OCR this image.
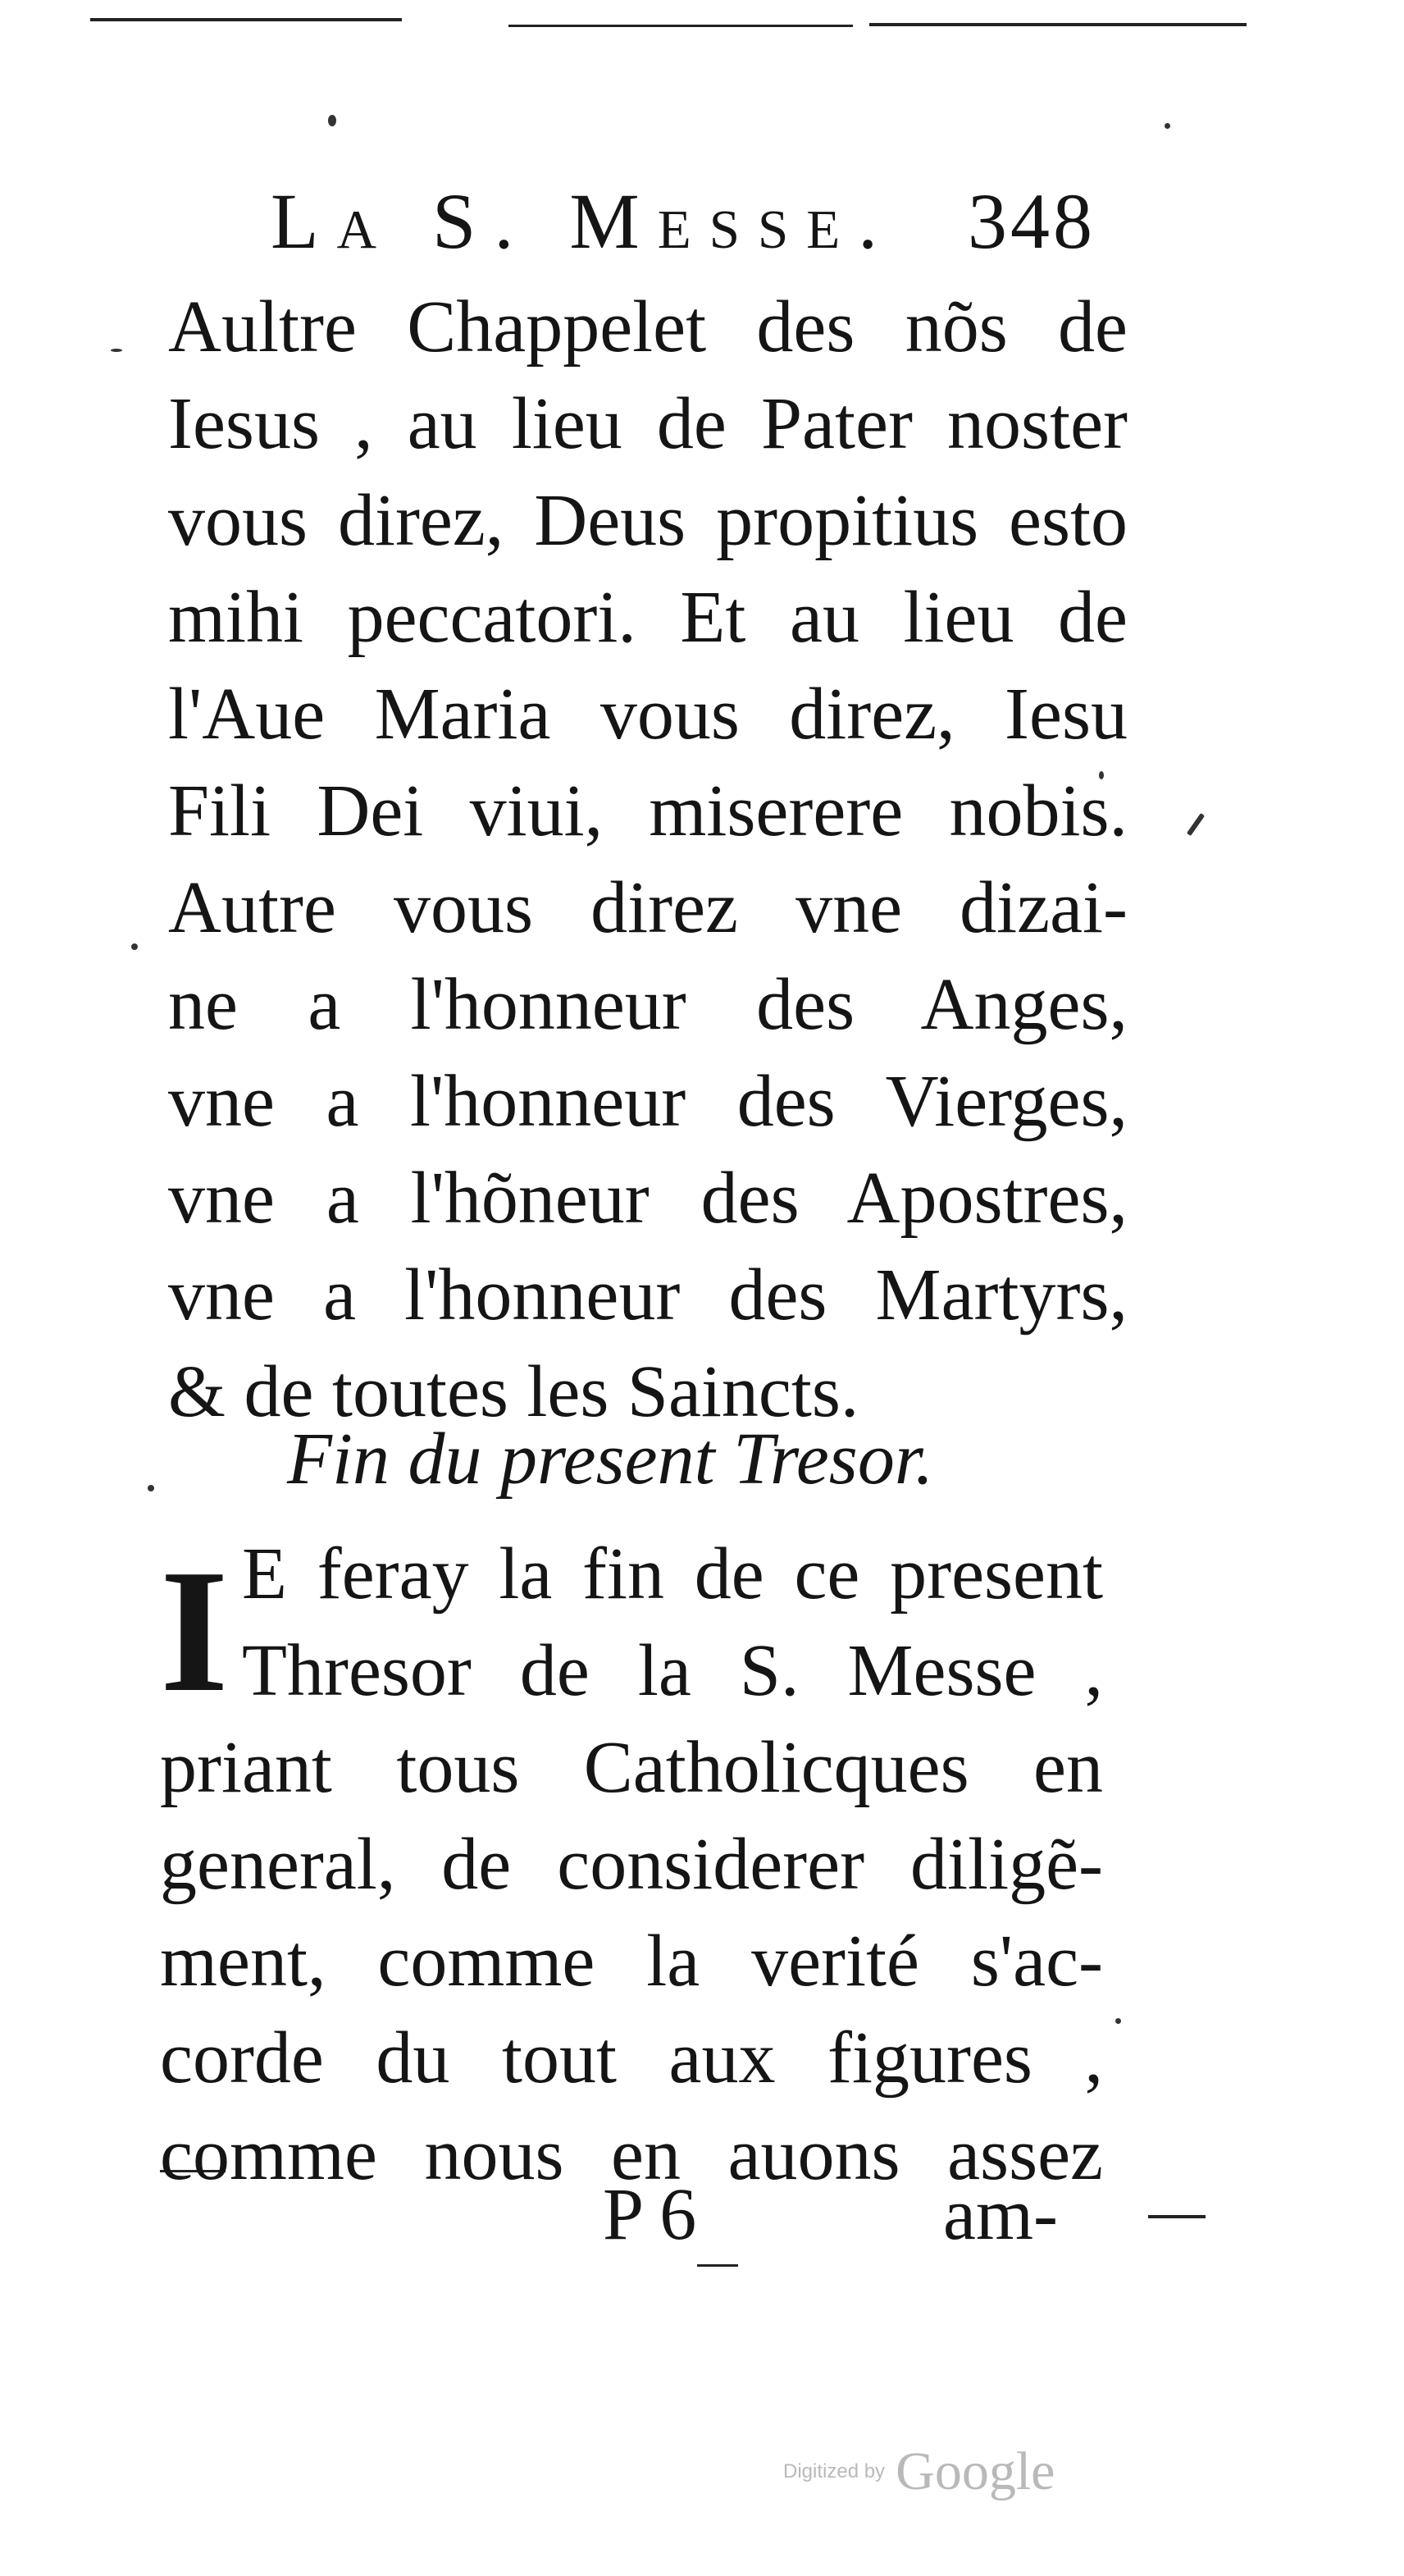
La S. Messe. 348
Aultre Chappelet des nõs de
Iesus , au lieu de Pater noster
vous direz, Deus propitius esto
mihi peccatori. Et au lieu de
l'Aue Maria vous direz, Iesu
Fili Dei viui, miserere nobis.
Autre vous direz vne dizai-
ne a l'honneur des Anges,
vne a l'honneur des Vierges,
vne a l'hõneur des Apostres,
vne a l'honneur des Martyrs,
& de toutes les Saincts.
Fin du present Tresor.
I E feray la fin de ce present
Thresor de la S. Messe ,
priant tous Catholicques en
general, de considerer diligẽ-
ment, comme la verité s'ac-
corde du tout aux figures ,
comme nous en auons assez
P 6	am-
Digitized by Google
